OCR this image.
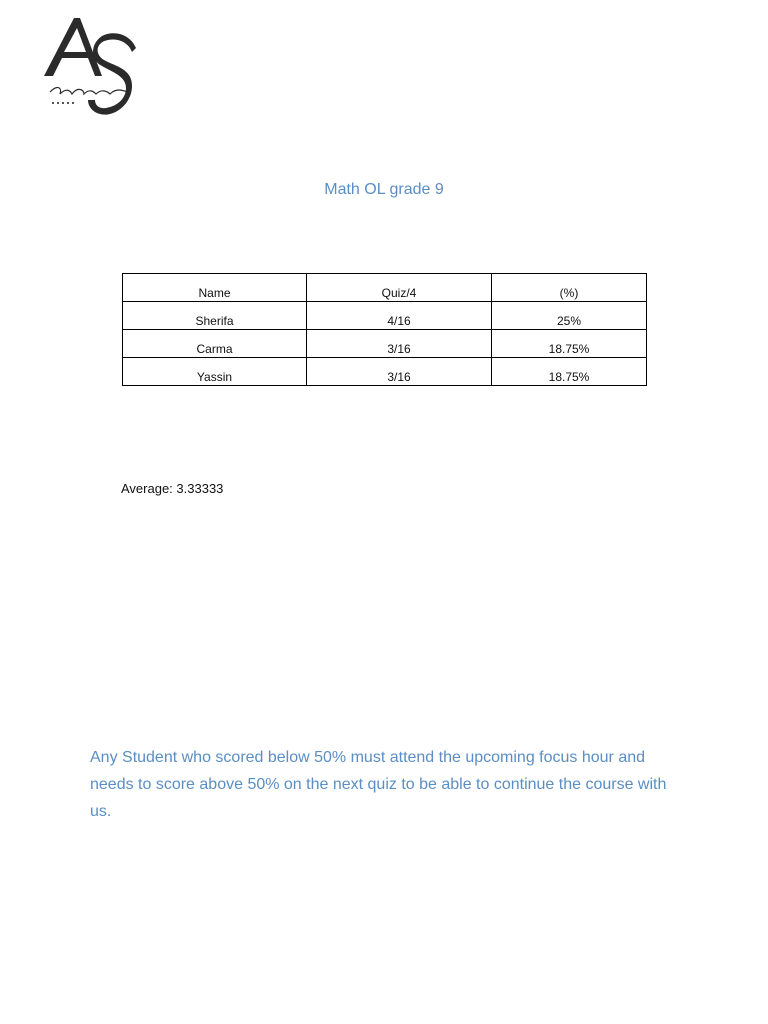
Math OL grade 9
Name	Quiz/4	(%)
Sherifa	4/16	25%
Carma	3/16	18.75%
Yassin	3/16	18.75%
Average: 3.33333
Any Student who scored below 50% must attend the upcoming focus hour and needs to score above 50% on the next quiz to be able to continue the course with us.
